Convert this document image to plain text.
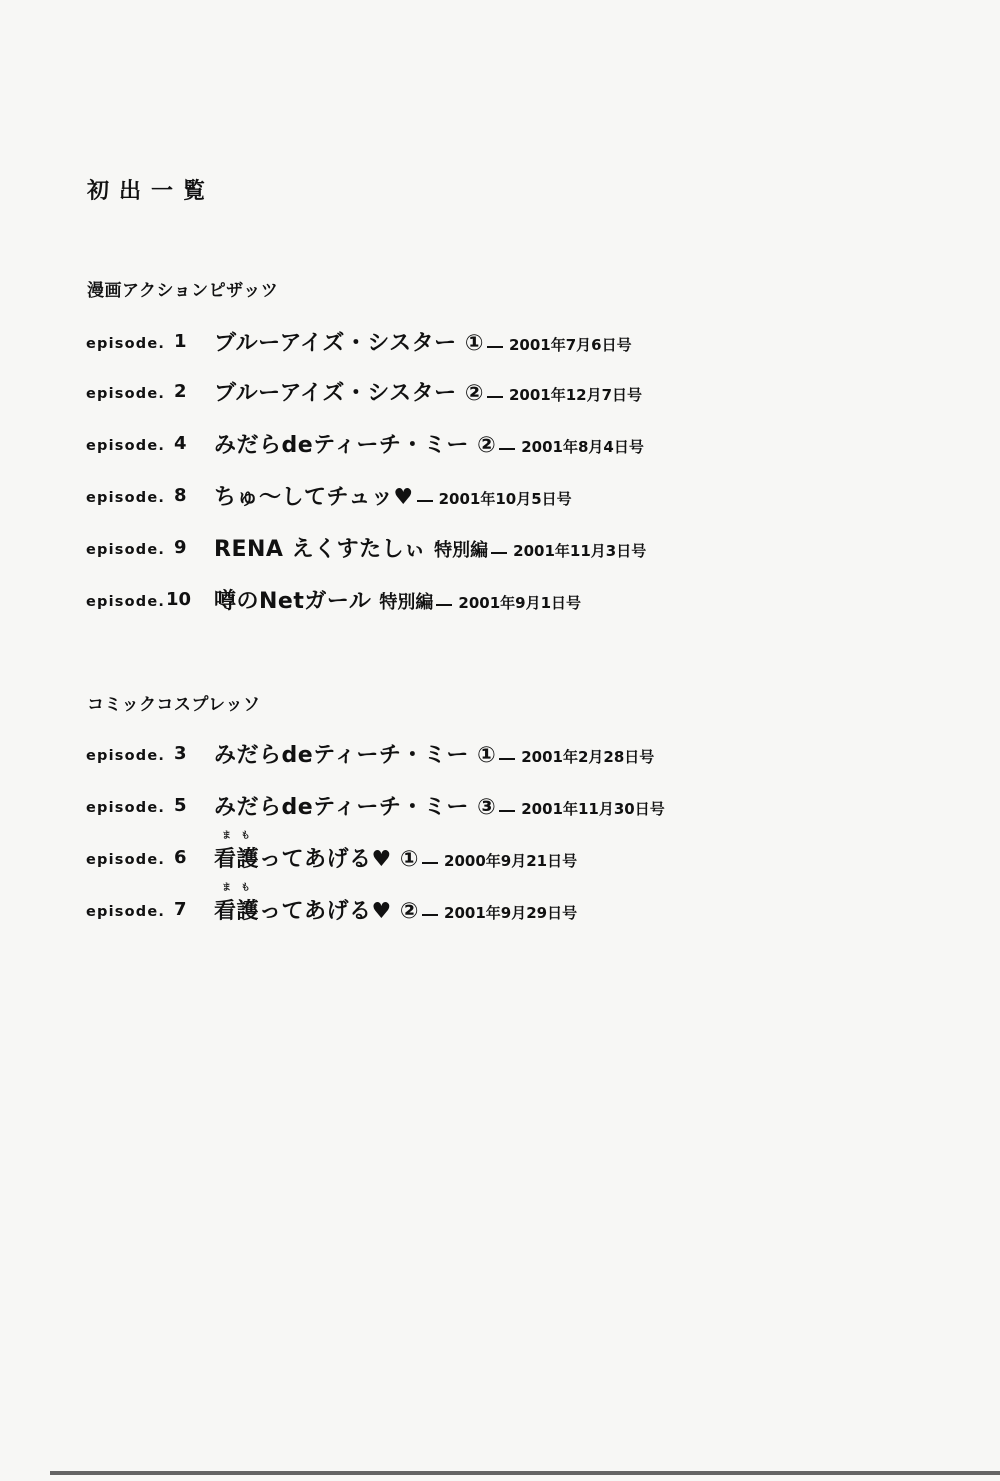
初出一覧
漫画アクションピザッツ
episode. 1 ブルーアイズ・シスター ① 2001年7月6日号
episode. 2 ブルーアイズ・シスター ② 2001年12月7日号
episode. 4 みだらdeティーチ・ミー ② 2001年8月4日号
episode. 8 ちゅ〜してチュッ♥ 2001年10月5日号
episode. 9 RENA えくすたしぃ 特別編 2001年11月3日号
episode. 10 噂のNetガール 特別編 2001年9月1日号
コミックコスプレッソ
episode. 3 みだらdeティーチ・ミー ① 2001年2月28日号
episode. 5 みだらdeティーチ・ミー ③ 2001年11月30日号
ま も
episode. 6 看護ってあげる♥ ① 2000年9月21日号
ま も
episode. 7 看護ってあげる♥ ② 2001年9月29日号
